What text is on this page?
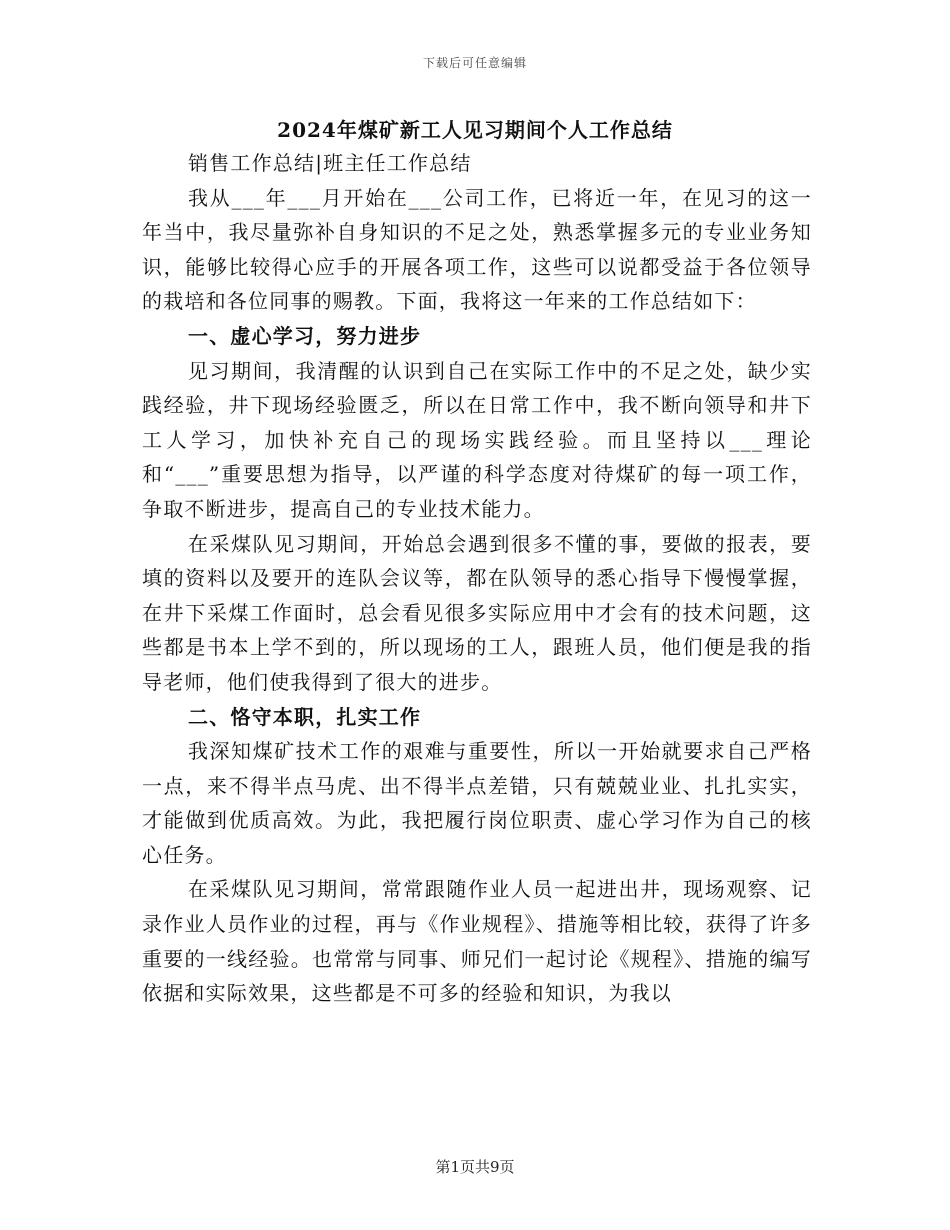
下载后可任意编辑
2024年煤矿新工人见习期间个人工作总结

销售工作总结|班主任工作总结

我从___年___月开始在___公司工作，已将近一年，在见习的这一年当中，我尽量弥补自身知识的不足之处，熟悉掌握多元的专业业务知识，能够比较得心应手的开展各项工作，这些可以说都受益于各位领导的栽培和各位同事的赐教。下面，我将这一年来的工作总结如下：

一、虚心学习，努力进步

见习期间，我清醒的认识到自己在实际工作中的不足之处，缺少实践经验，井下现场经验匮乏，所以在日常工作中，我不断向领导和井下工人学习，加快补充自己的现场实践经验。而且坚持以___理论和“___”重要思想为指导，以严谨的科学态度对待煤矿的每一项工作，争取不断进步，提高自己的专业技术能力。

在采煤队见习期间，开始总会遇到很多不懂的事，要做的报表，要填的资料以及要开的连队会议等，都在队领导的悉心指导下慢慢掌握，在井下采煤工作面时，总会看见很多实际应用中才会有的技术问题，这些都是书本上学不到的，所以现场的工人，跟班人员，他们便是我的指导老师，他们使我得到了很大的进步。

二、恪守本职，扎实工作

我深知煤矿技术工作的艰难与重要性，所以一开始就要求自己严格一点，来不得半点马虎、出不得半点差错，只有兢兢业业、扎扎实实，才能做到优质高效。为此，我把履行岗位职责、虚心学习作为自己的核心任务。

在采煤队见习期间，常常跟随作业人员一起进出井，现场观察、记录作业人员作业的过程，再与《作业规程》、措施等相比较，获得了许多重要的一线经验。也常常与同事、师兄们一起讨论《规程》、措施的编写依据和实际效果，这些都是不可多的经验和知识，为我以

第1页共9页
